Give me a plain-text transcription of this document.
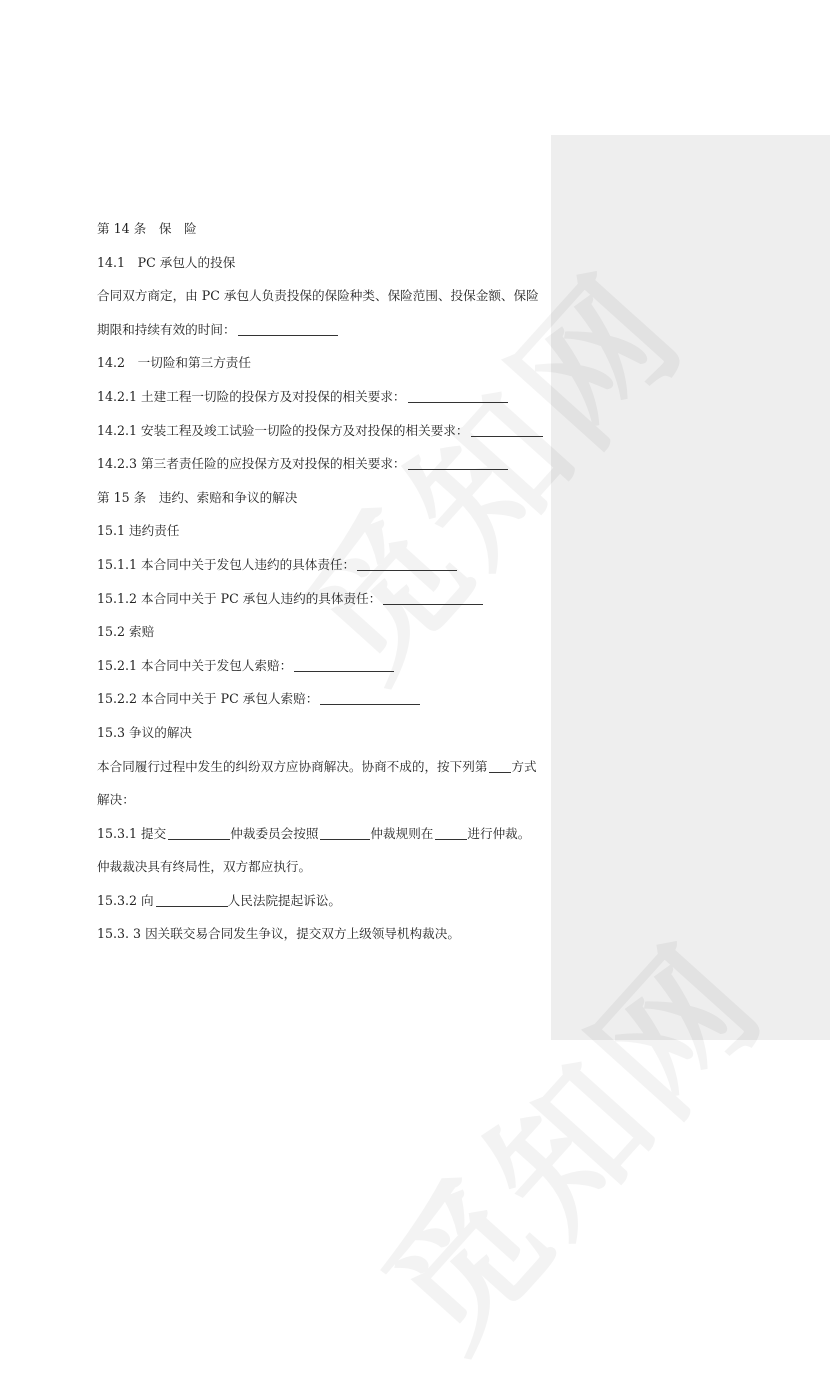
第 14 条　保　险
14.1　PC 承包人的投保
合同双方商定，由 PC 承包人负责投保的保险种类、保险范围、投保金额、保险
期限和持续有效的时间：
14.2　一切险和第三方责任
14.2.1 土建工程一切险的投保方及对投保的相关要求：
14.2.1 安装工程及竣工试验一切险的投保方及对投保的相关要求：
14.2.3 第三者责任险的应投保方及对投保的相关要求：
第 15 条　违约、索赔和争议的解决
15.1 违约责任
15.1.1 本合同中关于发包人违约的具体责任：
15.1.2 本合同中关于 PC 承包人违约的具体责任：
15.2 索赔
15.2.1 本合同中关于发包人索赔：
15.2.2 本合同中关于 PC 承包人索赔：
15.3 争议的解决
本合同履行过程中发生的纠纷双方应协商解决。协商不成的，按下列第 方式
解决：
15.3.1 提交	仲裁委员会按照	仲裁规则在	进行仲裁。
仲裁裁决具有终局性，双方都应执行。
15.3.2 向	人民法院提起诉讼。
15.3. 3 因关联交易合同发生争议，提交双方上级领导机构裁决。
